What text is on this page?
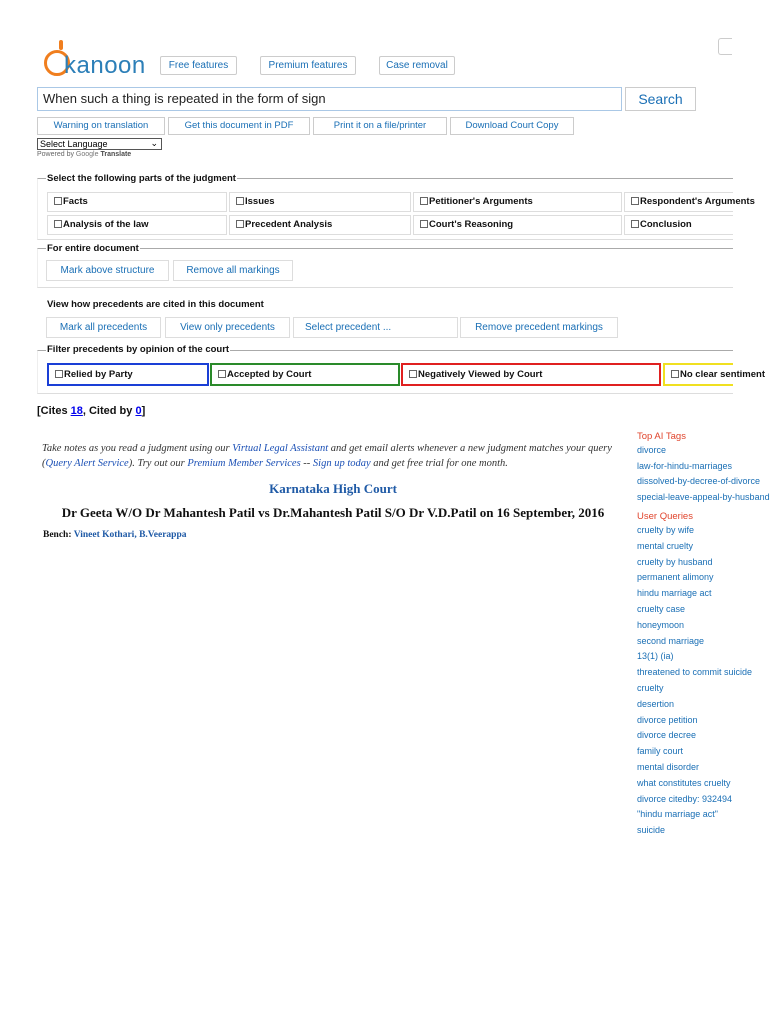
kanoon	Free features	Premium features	Case removal
When such a thing is repeated in the form of sign	Search
Warning on translation	Get this document in PDF	Print it on a file/printer	Download Court Copy
Select Language	⌄
Powered by Google Translate
Select the following parts of the judgment
Facts	Issues	Petitioner's Arguments	Respondent's Arguments
Analysis of the law	Precedent Analysis	Court's Reasoning	Conclusion
For entire document
Mark above structure	Remove all markings
View how precedents are cited in this document
Mark all precedents	View only precedents	Select precedent ...	Remove precedent markings
Filter precedents by opinion of the court
Relied by Party	Accepted by Court	Negatively Viewed by Court	No clear sentiment
[Cites 18, Cited by 0]
Take notes as you read a judgment using our Virtual Legal Assistant and get email alerts whenever a new judgment matches your query (Query Alert Service). Try out our Premium Member Services -- Sign up today and get free trial for one month.
Karnataka High Court
Dr Geeta W/O Dr Mahantesh Patil vs Dr.Mahantesh Patil S/O Dr V.D.Patil on 16 September, 2016
Bench: Vineet Kothari, B.Veerappa
Top AI Tags
divorce
law-for-hindu-marriages
dissolved-by-decree-of-divorce
special-leave-appeal-by-husband
User Queries
cruelty by wife
mental cruelty
cruelty by husband
permanent alimony
hindu marriage act
cruelty case
honeymoon
second marriage
13(1) (ia)
threatened to commit suicide
cruelty
desertion
divorce petition
divorce decree
family court
mental disorder
what constitutes cruelty
divorce citedby: 932494
"hindu marriage act"
suicide
